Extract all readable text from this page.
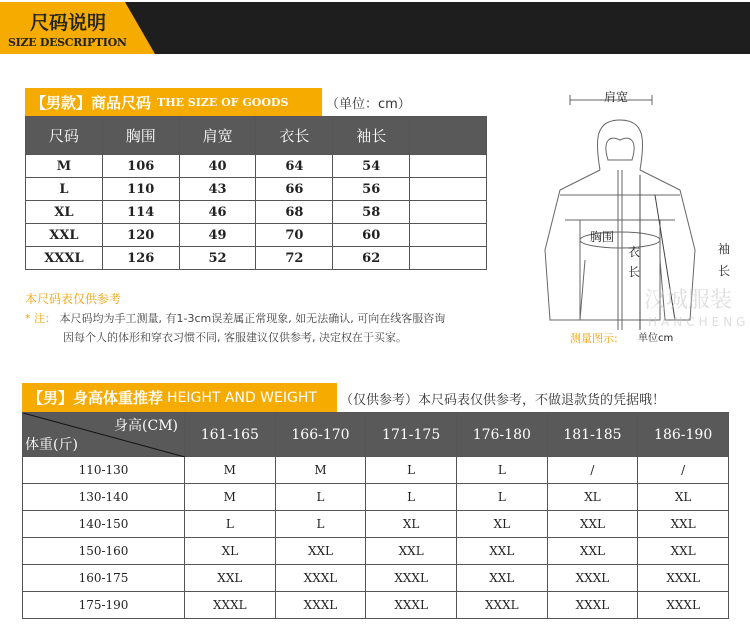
尺码说明
SIZE DESCRIPTION
【男款】商品尺码 THE SIZE OF GOODS	（单位：cm）
尺码	胸围	肩宽	衣长	袖长	
M	106	40	64	54	
L	110	43	66	56	
XL	114	46	68	58	
XXL	120	49	70	60	
XXXL	126	52	72	62	
本尺码表仅供参考
* 注： 本尺码均为手工测量, 有1-3cm误差属正常现象, 如无法确认, 可向在线客服咨询
因每个人的体形和穿衣习惯不同, 客服建议仅供参考, 决定权在于买家。
肩宽
胸围
衣长
袖长
汉城服装
HANCHENG
测量图示: 单位cm
【男】身高体重推荐 HEIGHT AND WEIGHT （仅供参考）本尺码表仅供参考，不做退款货的凭据哦！
身高(CM)
体重(斤)	161-165	166-170	171-175	176-180	181-185	186-190
110-130	M	M	L	L	/	/
130-140	M	L	L	L	XL	XL
140-150	L	L	XL	XL	XXL	XXL
150-160	XL	XXL	XXL	XXL	XXL	XXL
160-175	XXL	XXXL	XXXL	XXL	XXXL	XXXL
175-190	XXXL	XXXL	XXXL	XXXL	XXXL	XXXL
